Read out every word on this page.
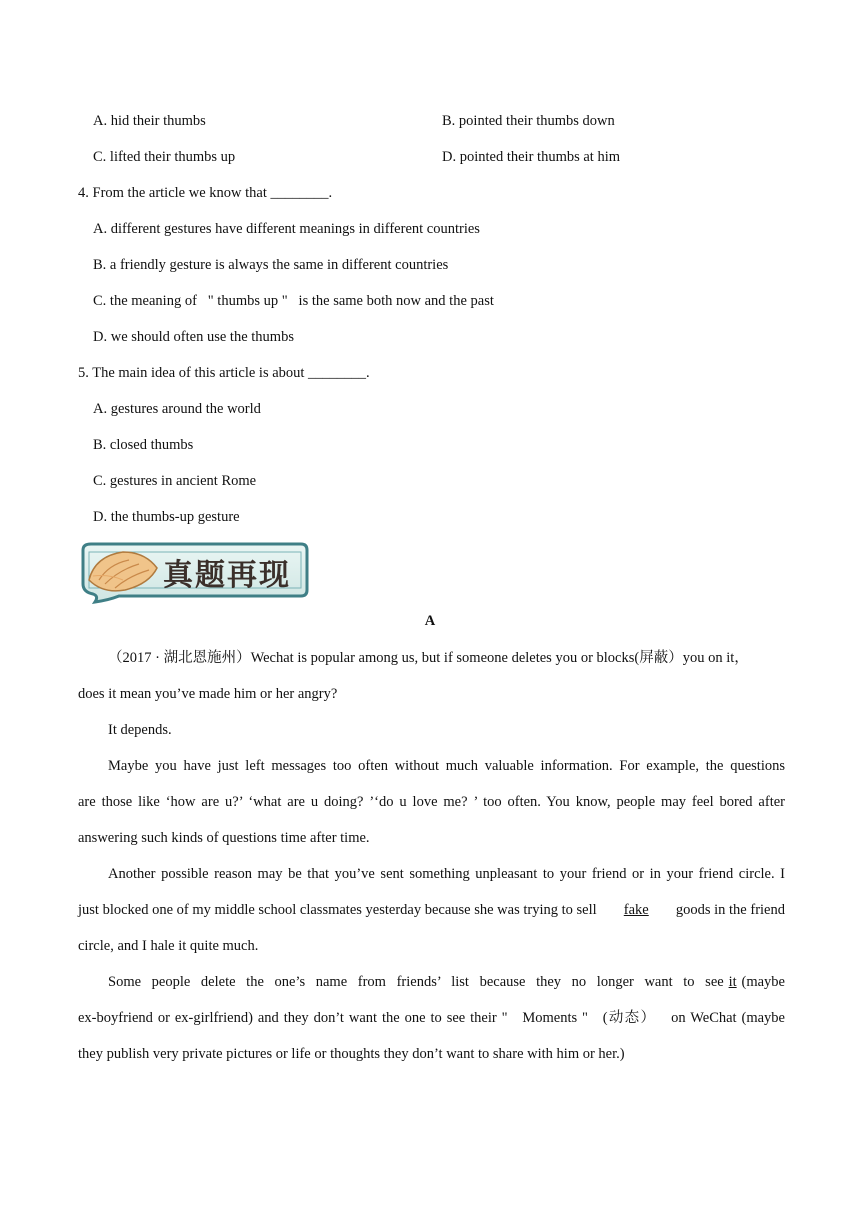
A. hid their thumbs	B. pointed their thumbs down
C. lifted their thumbs up	D. pointed their thumbs at him
4. From the article we know that ________.
A. different gestures have different meanings in different countries
B. a friendly gesture is always the same in different countries
C. the meaning of   " thumbs up "   is the same both now and the past
D. we should often use the thumbs
5. The main idea of this article is about ________.
A. gestures around the world
B. closed thumbs
C. gestures in ancient Rome
D. the thumbs-up gesture
真题再现
A
（2017 · 湖北恩施州）Wechat is popular among us, but if someone deletes you or blocks(屏蔽）you on it，
does it mean you’ve made him or her angry?
It depends.
Maybe you have just left messages too often without much valuable information. For example, the questions
are those like ‘how are u?’ ‘what are u doing? ’‘do u love me? ’ too often. You know, people may feel bored after
answering such kinds of questions time after time.
Another possible reason may be that you’ve sent something unpleasant to your friend or in your friend circle. I
just blocked one of my middle school classmates yesterday because she was trying to sell fake goods in the friend
circle, and I hale it quite much.
Some people delete the one’s name from friends’ list because they no longer want to see it (maybe
ex-boyfriend or ex-girlfriend) and they don’t want the one to see their "   Moments "   (动态）   on WeChat (maybe
they publish very private pictures or life or thoughts they don’t want to share with him or her.)
